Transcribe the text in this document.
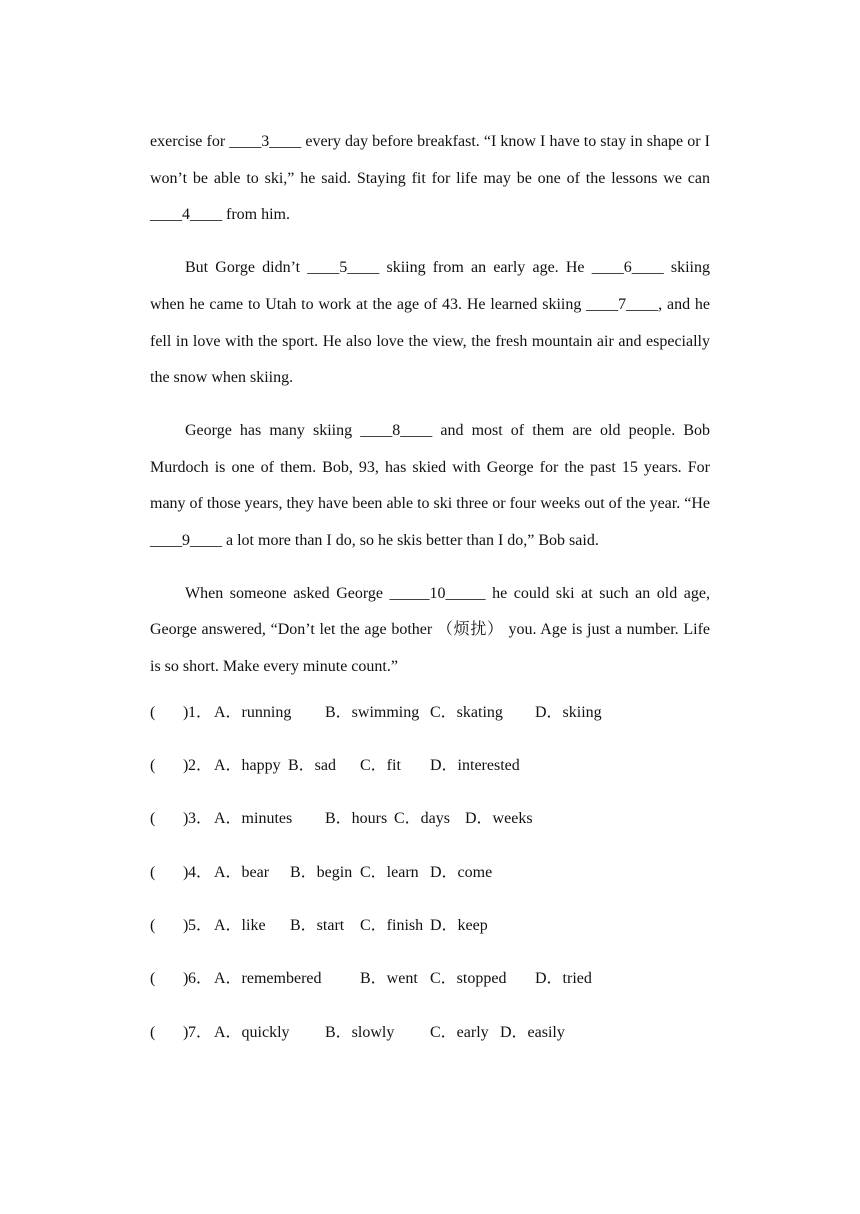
exercise for ____3____ every day before breakfast. “I know I have to stay in shape or I won’t be able to ski,” he said. Staying fit for life may be one of the lessons we can ____4____ from him.

But Gorge didn’t ____5____ skiing from an early age. He ____6____ skiing when he came to Utah to work at the age of 43. He learned skiing ____7____, and he fell in love with the sport. He also love the view, the fresh mountain air and especially the snow when skiing.

George has many skiing ____8____ and most of them are old people. Bob Murdoch is one of them. Bob, 93, has skied with George for the past 15 years. For many of those years, they have been able to ski three or four weeks out of the year. “He ____9____ a lot more than I do, so he skis better than I do,” Bob said.

When someone asked George _____10_____ he could ski at such an old age, George answered, “Don’t let the age bother （烦扰） you. Age is just a number. Life is so short. Make every minute count.”

( ) 1． A．running B．swimming C．skating D．skiing
( ) 2． A．happy B．sad C．fit D．interested
( ) 3． A．minutes B．hours C．days D．weeks
( ) 4． A．bear B．begin C．learn D．come
( ) 5． A．like B．start C．finish D．keep
( ) 6． A．remembered B．went C．stopped D．tried
( ) 7． A．quickly B．slowly C．early D．easily
